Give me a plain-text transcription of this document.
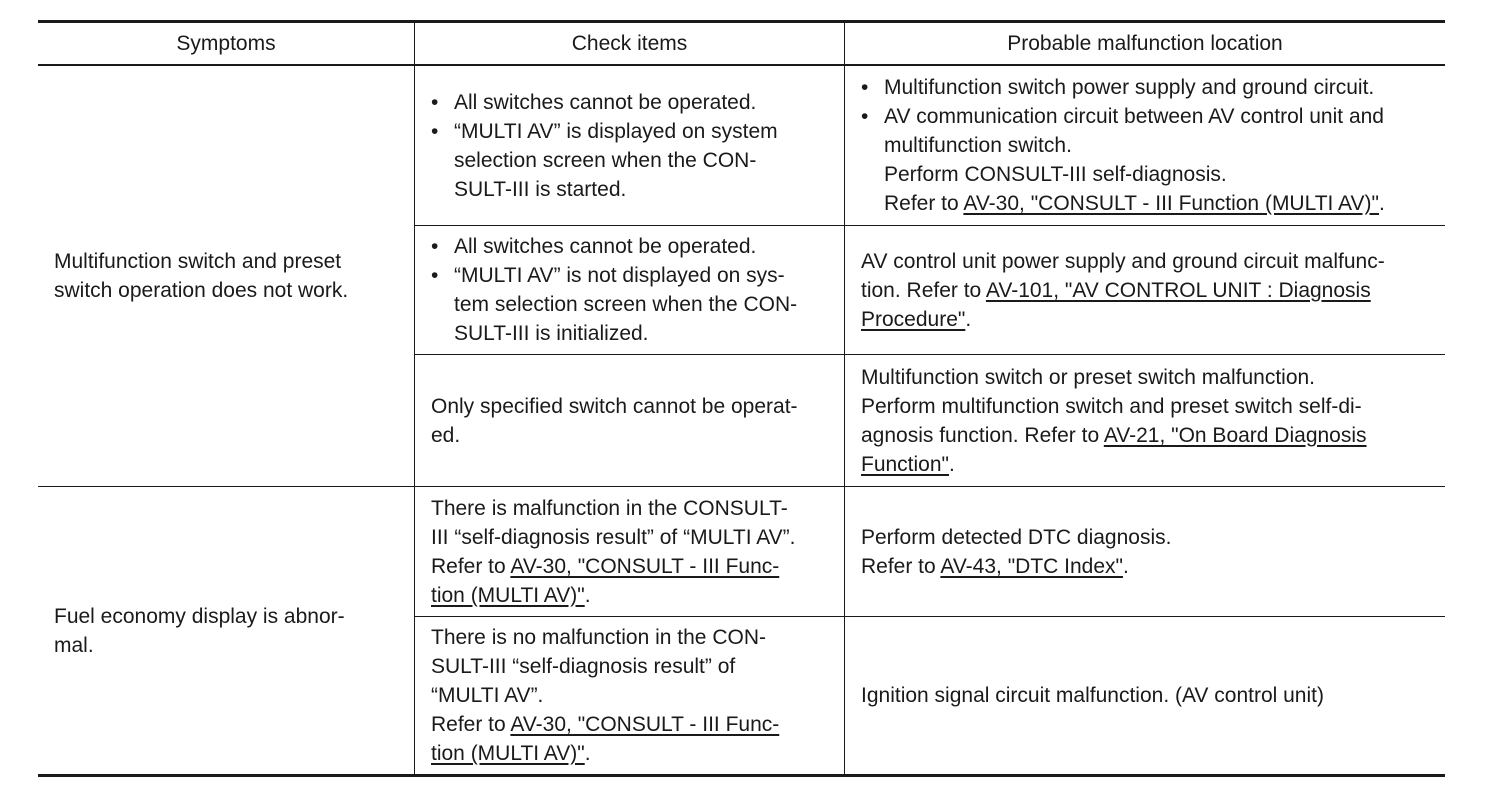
Symptoms	Check items	Probable malfunction location
Multifunction switch and preset
switch operation does not work.
• All switches cannot be operated.
• “MULTI AV” is displayed on system
selection screen when the CON-
SULT-III is started.
• Multifunction switch power supply and ground circuit.
• AV communication circuit between AV control unit and
multifunction switch.
Perform CONSULT-III self-diagnosis.
Refer to AV-30, "CONSULT - III Function (MULTI AV)".
• All switches cannot be operated.
• “MULTI AV” is not displayed on sys-
tem selection screen when the CON-
SULT-III is initialized.
AV control unit power supply and ground circuit malfunc-
tion. Refer to AV-101, "AV CONTROL UNIT : Diagnosis
Procedure".
Only specified switch cannot be operat-
ed.
Multifunction switch or preset switch malfunction.
Perform multifunction switch and preset switch self-di-
agnosis function. Refer to AV-21, "On Board Diagnosis
Function".
Fuel economy display is abnor-
mal.
There is malfunction in the CONSULT-
III “self-diagnosis result” of “MULTI AV”.
Refer to AV-30, "CONSULT - III Func-
tion (MULTI AV)".
Perform detected DTC diagnosis.
Refer to AV-43, "DTC Index".
There is no malfunction in the CON-
SULT-III “self-diagnosis result” of
“MULTI AV”.
Refer to AV-30, "CONSULT - III Func-
tion (MULTI AV)".
Ignition signal circuit malfunction. (AV control unit)
